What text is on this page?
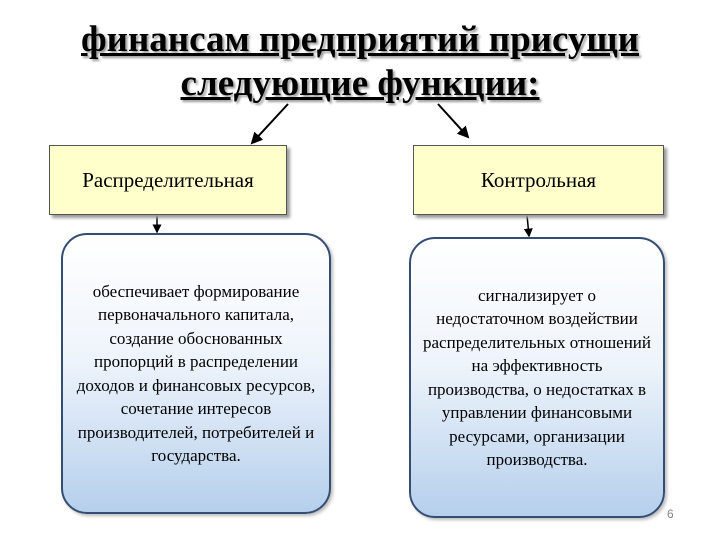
финансам предприятий присущи
следующие функции:
Распределительная	Контрольная
обеспечивает формирование первоначального капитала, создание обоснованных пропорций в распределении доходов и финансовых ресурсов, сочетание интересов производителей, потребителей и государства.
сигнализирует о недостаточном воздействии распределительных отношений на эффективность производства, о недостатках в управлении финансовыми ресурсами, организации производства.
6
